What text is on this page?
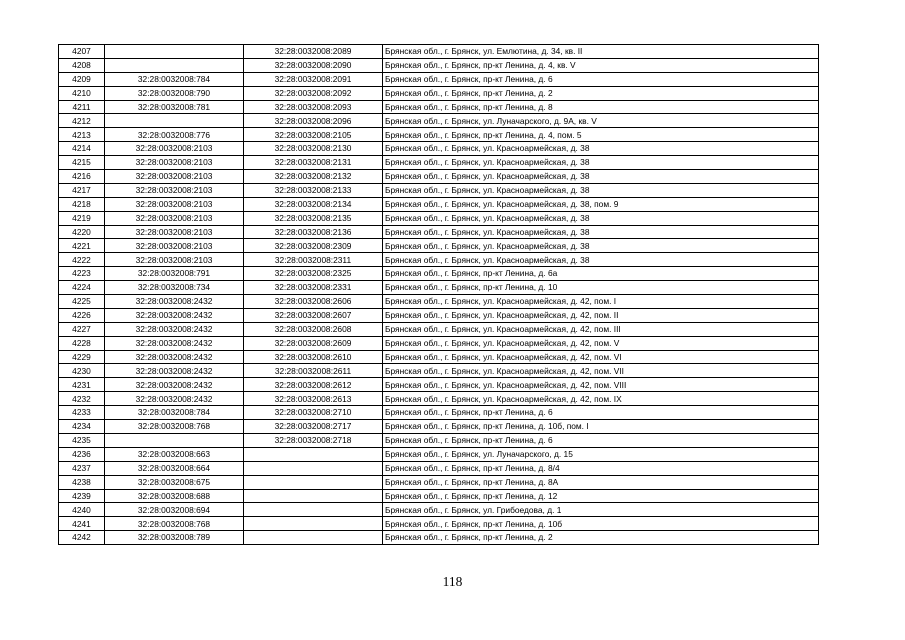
4207		32:28:0032008:2089	Брянская обл., г. Брянск, ул. Емлютина, д. 34, кв. II
4208		32:28:0032008:2090	Брянская обл., г. Брянск, пр-кт Ленина, д. 4, кв. V
4209	32:28:0032008:784	32:28:0032008:2091	Брянская обл., г. Брянск, пр-кт Ленина, д. 6
4210	32:28:0032008:790	32:28:0032008:2092	Брянская обл., г. Брянск, пр-кт Ленина, д. 2
4211	32:28:0032008:781	32:28:0032008:2093	Брянская обл., г. Брянск, пр-кт Ленина, д. 8
4212		32:28:0032008:2096	Брянская обл., г. Брянск, ул. Луначарского, д. 9А, кв. V
4213	32:28:0032008:776	32:28:0032008:2105	Брянская обл., г. Брянск, пр-кт Ленина, д. 4, пом. 5
4214	32:28:0032008:2103	32:28:0032008:2130	Брянская обл., г. Брянск, ул. Красноармейская, д. 38
4215	32:28:0032008:2103	32:28:0032008:2131	Брянская обл., г. Брянск, ул. Красноармейская, д. 38
4216	32:28:0032008:2103	32:28:0032008:2132	Брянская обл., г. Брянск, ул. Красноармейская, д. 38
4217	32:28:0032008:2103	32:28:0032008:2133	Брянская обл., г. Брянск, ул. Красноармейская, д. 38
4218	32:28:0032008:2103	32:28:0032008:2134	Брянская обл., г. Брянск, ул. Красноармейская, д. 38, пом. 9
4219	32:28:0032008:2103	32:28:0032008:2135	Брянская обл., г. Брянск, ул. Красноармейская, д. 38
4220	32:28:0032008:2103	32:28:0032008:2136	Брянская обл., г. Брянск, ул. Красноармейская, д. 38
4221	32:28:0032008:2103	32:28:0032008:2309	Брянская обл., г. Брянск, ул. Красноармейская, д. 38
4222	32:28:0032008:2103	32:28:0032008:2311	Брянская обл., г. Брянск, ул. Красноармейская, д. 38
4223	32:28:0032008:791	32:28:0032008:2325	Брянская обл., г. Брянск, пр-кт Ленина, д. 6а
4224	32:28:0032008:734	32:28:0032008:2331	Брянская обл., г. Брянск, пр-кт Ленина, д. 10
4225	32:28:0032008:2432	32:28:0032008:2606	Брянская обл., г. Брянск, ул. Красноармейская, д. 42, пом. I
4226	32:28:0032008:2432	32:28:0032008:2607	Брянская обл., г. Брянск, ул. Красноармейская, д. 42, пом. II
4227	32:28:0032008:2432	32:28:0032008:2608	Брянская обл., г. Брянск, ул. Красноармейская, д. 42, пом. III
4228	32:28:0032008:2432	32:28:0032008:2609	Брянская обл., г. Брянск, ул. Красноармейская, д. 42, пом. V
4229	32:28:0032008:2432	32:28:0032008:2610	Брянская обл., г. Брянск, ул. Красноармейская, д. 42, пом. VI
4230	32:28:0032008:2432	32:28:0032008:2611	Брянская обл., г. Брянск, ул. Красноармейская, д. 42, пом. VII
4231	32:28:0032008:2432	32:28:0032008:2612	Брянская обл., г. Брянск, ул. Красноармейская, д. 42, пом. VIII
4232	32:28:0032008:2432	32:28:0032008:2613	Брянская обл., г. Брянск, ул. Красноармейская, д. 42, пом. IX
4233	32:28:0032008:784	32:28:0032008:2710	Брянская обл., г. Брянск, пр-кт Ленина, д. 6
4234	32:28:0032008:768	32:28:0032008:2717	Брянская обл., г. Брянск, пр-кт Ленина, д. 10б, пом. I
4235		32:28:0032008:2718	Брянская обл., г. Брянск, пр-кт Ленина, д. 6
4236	32:28:0032008:663		Брянская обл., г. Брянск, ул. Луначарского, д. 15
4237	32:28:0032008:664		Брянская обл., г. Брянск, пр-кт Ленина, д. 8/4
4238	32:28:0032008:675		Брянская обл., г. Брянск, пр-кт Ленина, д. 8А
4239	32:28:0032008:688		Брянская обл., г. Брянск, пр-кт Ленина, д. 12
4240	32:28:0032008:694		Брянская обл., г. Брянск, ул. Грибоедова, д. 1
4241	32:28:0032008:768		Брянская обл., г. Брянск, пр-кт Ленина, д. 10б
4242	32:28:0032008:789		Брянская обл., г. Брянск, пр-кт Ленина, д. 2
118
